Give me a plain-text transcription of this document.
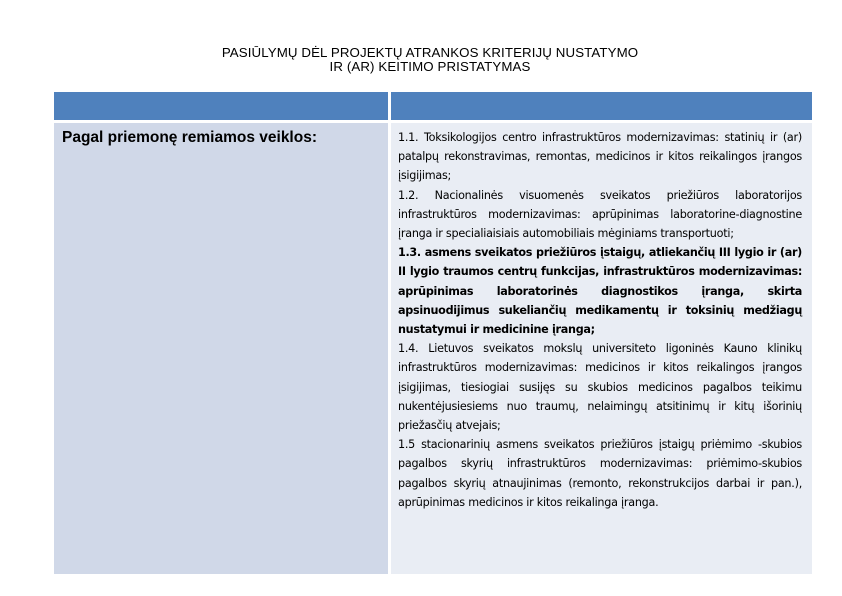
PASIŪLYMŲ DĖL PROJEKTŲ ATRANKOS KRITERIJŲ NUSTATYMO
IR (AR) KEITIMO PRISTATYMAS
Pagal priemonę remiamos veiklos:	1.1. Toksikologijos centro infrastruktūros modernizavimas: statinių ir (ar) patalpų rekonstravimas, remontas, medicinos ir kitos reikalingos įrangos įsigijimas;
1.2. Nacionalinės visuomenės sveikatos priežiūros laboratorijos infrastruktūros modernizavimas: aprūpinimas laboratorine-diagnostine įranga ir specialiaisiais automobiliais mėginiams transportuoti;
1.3. asmens sveikatos priežiūros įstaigų, atliekančių III lygio ir (ar) II lygio traumos centrų funkcijas, infrastruktūros modernizavimas: aprūpinimas laboratorinės diagnostikos įranga, skirta apsinuodijimus sukeliančių medikamentų ir toksinių medžiagų nustatymui ir medicinine įranga;
1.4. Lietuvos sveikatos mokslų universiteto ligoninės Kauno klinikų infrastruktūros modernizavimas: medicinos ir kitos reikalingos įrangos įsigijimas, tiesiogiai susijęs su skubios medicinos pagalbos teikimu nukentėjusiesiems nuo traumų, nelaimingų atsitinimų ir kitų išorinių priežasčių atvejais;
1.5 stacionarinių asmens sveikatos priežiūros įstaigų priėmimo -skubios pagalbos skyrių infrastruktūros modernizavimas: priėmimo-skubios pagalbos skyrių atnaujinimas (remonto, rekonstrukcijos darbai ir pan.), aprūpinimas medicinos ir kitos reikalinga įranga.
